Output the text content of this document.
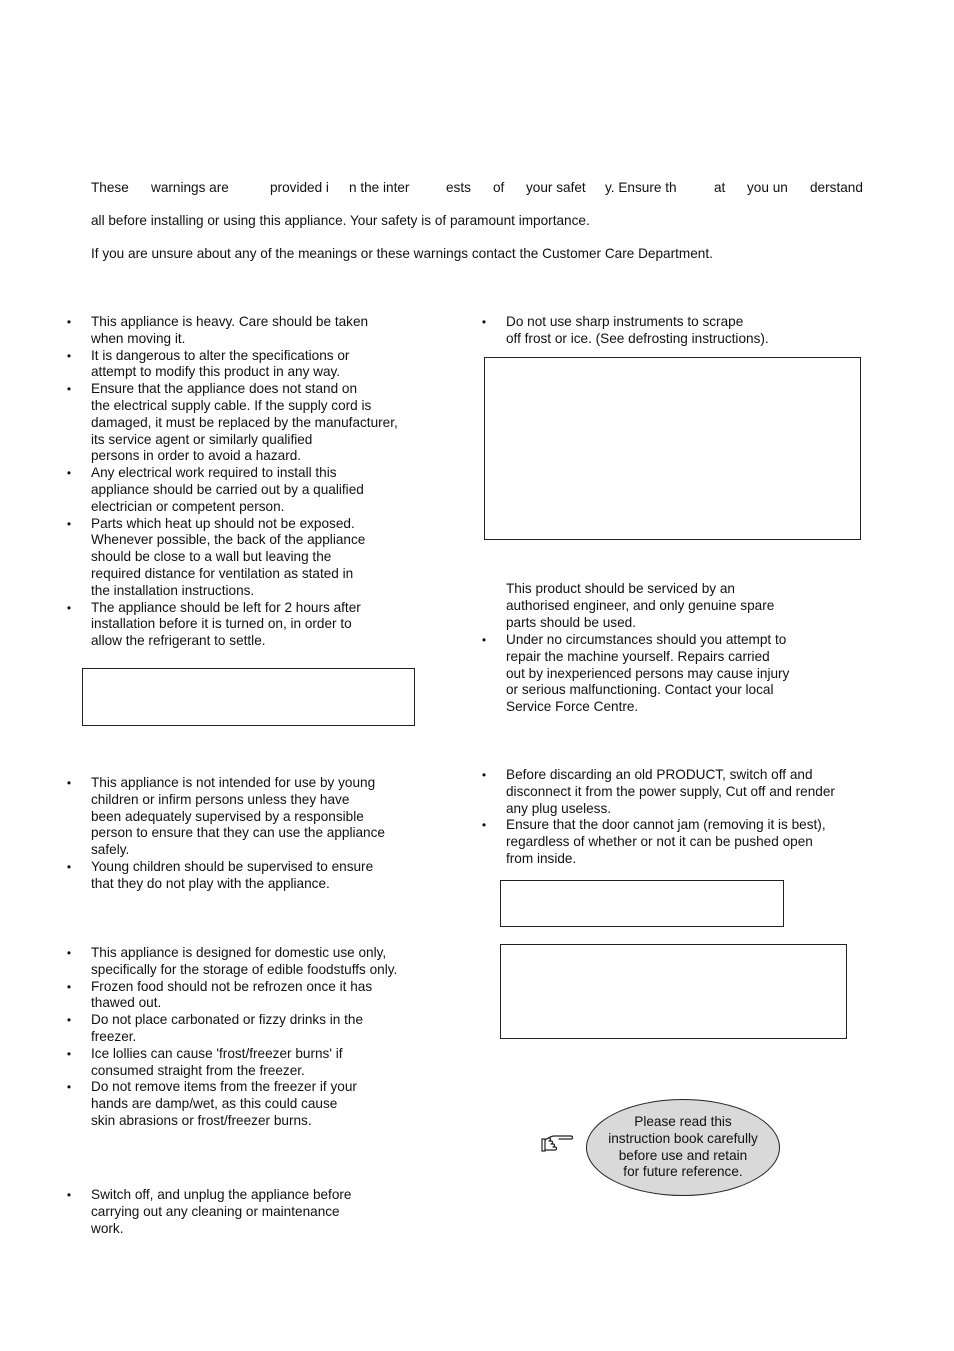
These warnings are	provided i n the inter	ests of your safet y. Ensure th	at you un derstand
all before installing or using this appliance. Your safety is of paramount importance.
If you are unsure about any of the meanings or these warnings contact the Customer Care Department.
• This appliance is heavy. Care should be taken
when moving it.
• It is dangerous to alter the specifications or
attempt to modify this product in any way.
• Ensure that the appliance does not stand on
the electrical supply cable. If the supply cord is
damaged, it must be replaced by the manufacturer,
its service agent or similarly qualified
persons in order to avoid a hazard.
• Any electrical work required to install this
appliance should be carried out by a qualified
electrician or competent person.
• Parts which heat up should not be exposed.
Whenever possible, the back of the appliance
should be close to a wall but leaving the
required distance for ventilation as stated in
the installation instructions.
• The appliance should be left for 2 hours after
installation before it is turned on, in order to
allow the refrigerant to settle.
• This appliance is not intended for use by young
children or infirm persons unless they have
been adequately supervised by a responsible
person to ensure that they can use the appliance
safely.
• Young children should be supervised to ensure
that they do not play with the appliance.
• This appliance is designed for domestic use only,
specifically for the storage of edible foodstuffs only.
• Frozen food should not be refrozen once it has
thawed out.
• Do not place carbonated or fizzy drinks in the
freezer.
• Ice lollies can cause 'frost/freezer burns' if
consumed straight from the freezer.
• Do not remove items from the freezer if your
hands are damp/wet, as this could cause
skin abrasions or frost/freezer burns.
• Switch off, and unplug the appliance before
carrying out any cleaning or maintenance
work.
• Do not use sharp instruments to scrape
off frost or ice. (See defrosting instructions).
This product should be serviced by an
authorised engineer, and only genuine spare
parts should be used.
• Under no circumstances should you attempt to
repair the machine yourself. Repairs carried
out by inexperienced persons may cause injury
or serious malfunctioning. Contact your local
Service Force Centre.
• Before discarding an old PRODUCT, switch off and
disconnect it from the power supply, Cut off and render
any plug useless.
• Ensure that the door cannot jam (removing it is best),
regardless of whether or not it can be pushed open
from inside.
Please read this
instruction book carefully
before use and retain
for future reference.
